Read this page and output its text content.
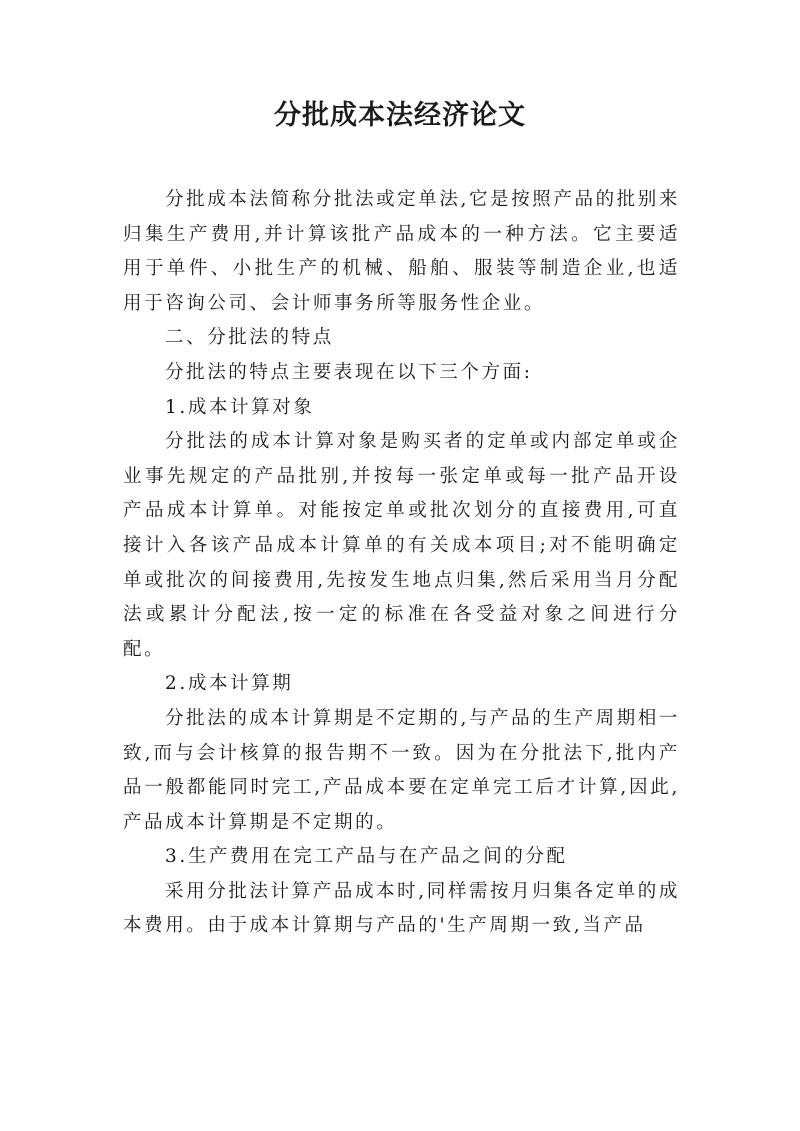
分批成本法经济论文

分批成本法简称分批法或定单法,它是按照产品的批别来归集生产费用,并计算该批产品成本的一种方法。它主要适用于单件、小批生产的机械、船舶、服装等制造企业,也适用于咨询公司、会计师事务所等服务性企业。

二、分批法的特点

分批法的特点主要表现在以下三个方面:

1.成本计算对象

分批法的成本计算对象是购买者的定单或内部定单或企业事先规定的产品批别,并按每一张定单或每一批产品开设产品成本计算单。对能按定单或批次划分的直接费用,可直接计入各该产品成本计算单的有关成本项目;对不能明确定单或批次的间接费用,先按发生地点归集,然后采用当月分配法或累计分配法,按一定的标准在各受益对象之间进行分配。

2.成本计算期

分批法的成本计算期是不定期的,与产品的生产周期相一致,而与会计核算的报告期不一致。因为在分批法下,批内产品一般都能同时完工,产品成本要在定单完工后才计算,因此,产品成本计算期是不定期的。

3.生产费用在完工产品与在产品之间的分配

采用分批法计算产品成本时,同样需按月归集各定单的成本费用。由于成本计算期与产品的'生产周期一致,当产品
